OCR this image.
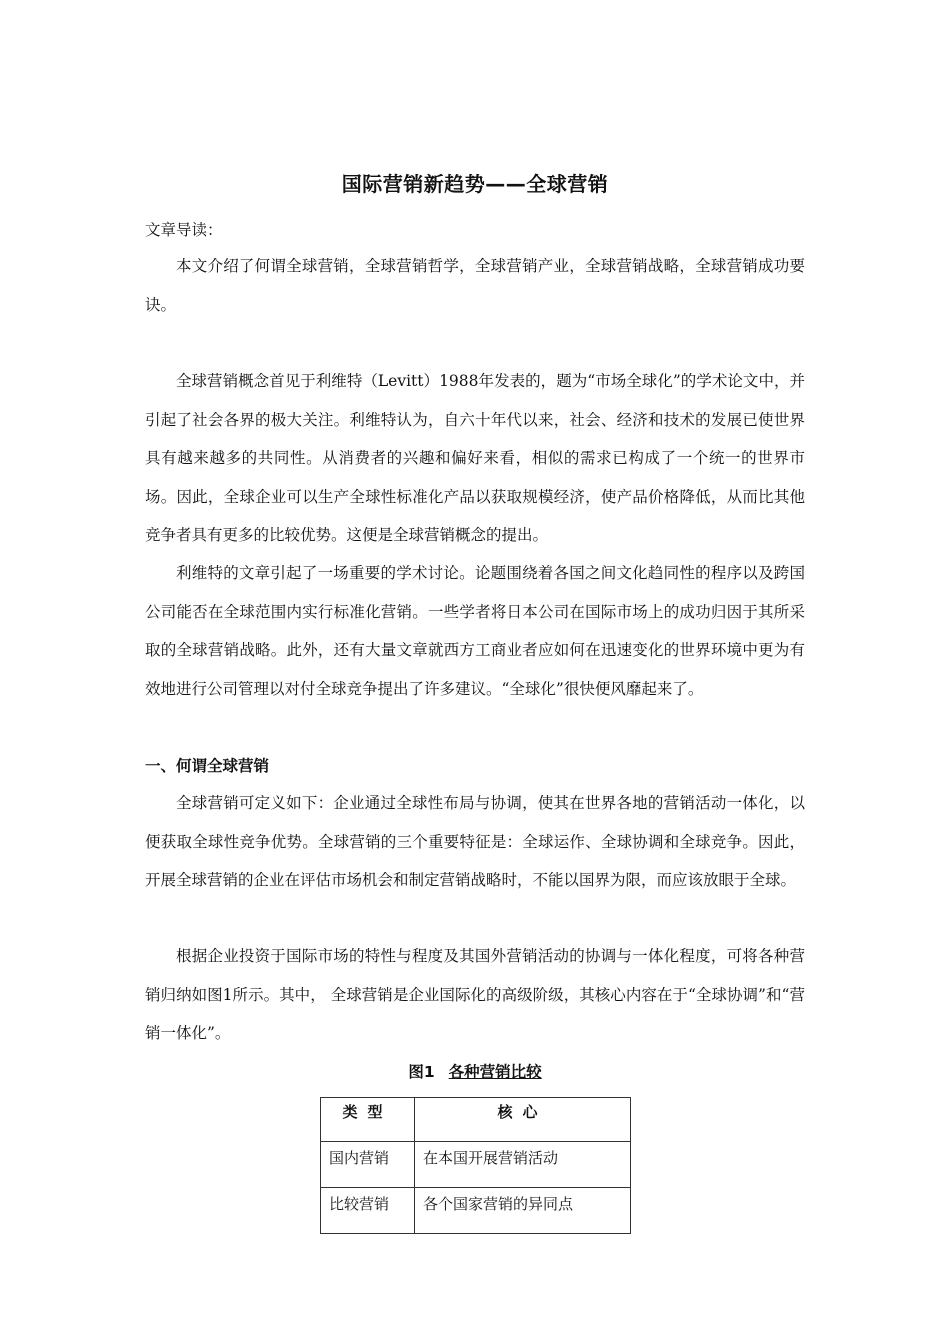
国际营销新趋势——全球营销
文章导读：

本文介绍了何谓全球营销，全球营销哲学，全球营销产业，全球营销战略，全球营销成功要诀。

全球营销概念首见于利维特（Levitt）1988年发表的，题为“市场全球化”的学术论文中，并引起了社会各界的极大关注。利维特认为，自六十年代以来，社会、经济和技术的发展已使世界具有越来越多的共同性。从消费者的兴趣和偏好来看，相似的需求已构成了一个统一的世界市场。因此，全球企业可以生产全球性标准化产品以获取规模经济，使产品价格降低，从而比其他竞争者具有更多的比较优势。这便是全球营销概念的提出。

利维特的文章引起了一场重要的学术讨论。论题围绕着各国之间文化趋同性的程序以及跨国公司能否在全球范围内实行标准化营销。一些学者将日本公司在国际市场上的成功归因于其所采取的全球营销战略。此外，还有大量文章就西方工商业者应如何在迅速变化的世界环境中更为有效地进行公司管理以对付全球竞争提出了许多建议。“全球化”很快便风靡起来了。

一、何谓全球营销

全球营销可定义如下：企业通过全球性布局与协调，使其在世界各地的营销活动一体化，以便获取全球性竞争优势。全球营销的三个重要特征是：全球运作、全球协调和全球竞争。因此，开展全球营销的企业在评估市场机会和制定营销战略时，不能以国界为限，而应该放眼于全球。

根据企业投资于国际市场的特性与程度及其国外营销活动的协调与一体化程度，可将各种营销归纳如图1所示。其中， 全球营销是企业国际化的高级阶级，其核心内容在于“全球协调”和“营销一体化”。

图1 各种营销比较
类型	核心
国内营销	在本国开展营销活动
比较营销	各个国家营销的异同点
